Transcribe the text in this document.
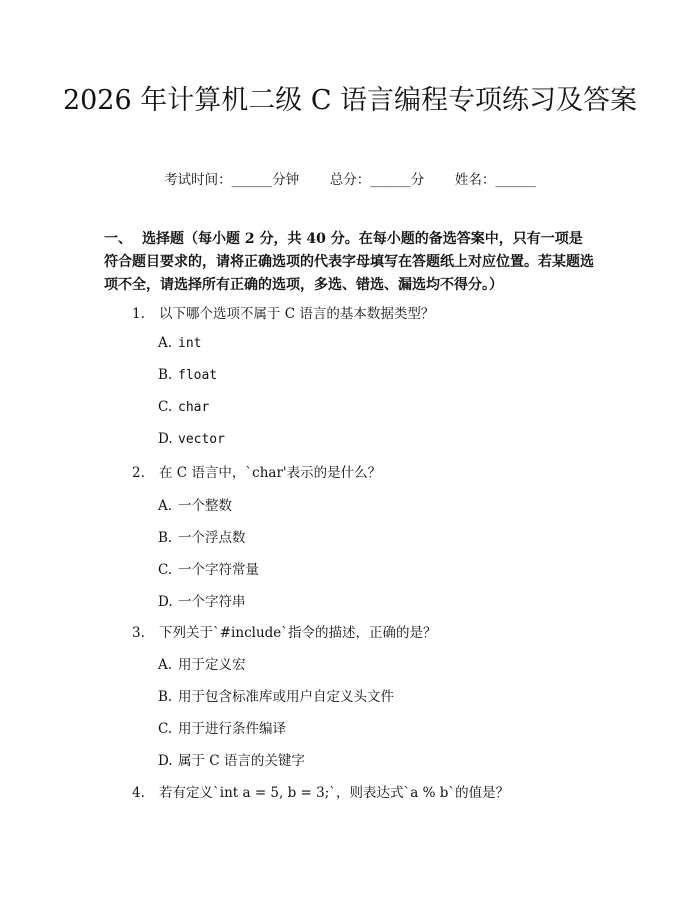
2026 年计算机二级 C 语言编程专项练习及答案
考试时间：______分钟 总分：______分 姓名：______
一、 选择题（每小题 2 分，共 40 分。在每小题的备选答案中，只有一项是符合题目要求的，请将正确选项的代表字母填写在答题纸上对应位置。若某题选项不全，请选择所有正确的选项，多选、错选、漏选均不得分。）
1. 以下哪个选项不属于 C 语言的基本数据类型？
A. int
B. float
C. char
D. vector
2. 在 C 语言中，`char'表示的是什么？
A. 一个整数
B. 一个浮点数
C. 一个字符常量
D. 一个字符串
3. 下列关于`#include`指令的描述，正确的是？
A. 用于定义宏
B. 用于包含标准库或用户自定义头文件
C. 用于进行条件编译
D. 属于 C 语言的关键字
4. 若有定义`int a = 5, b = 3;`，则表达式`a % b`的值是？
